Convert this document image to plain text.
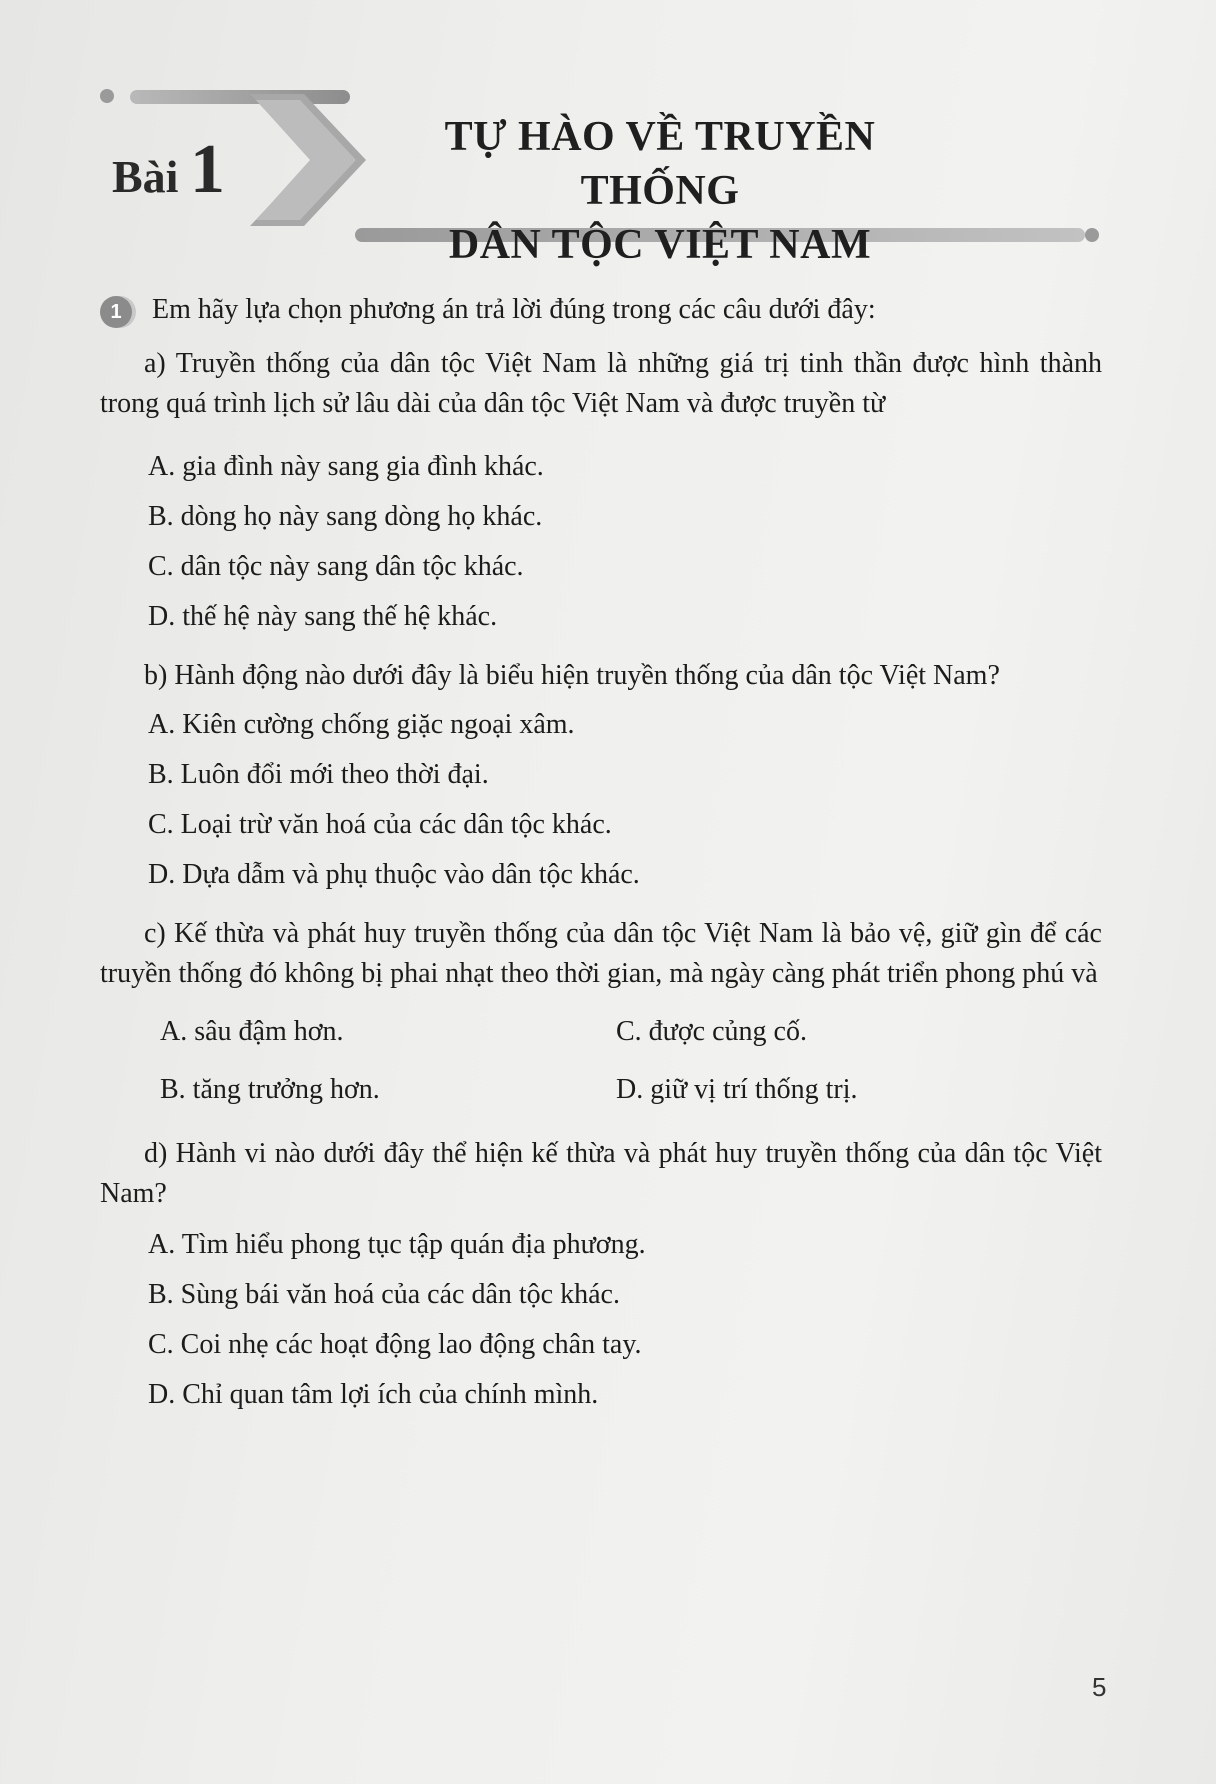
Bài 1	TỰ HÀO VỀ TRUYỀN THỐNG
DÂN TỘC VIỆT NAM
1	Em hãy lựa chọn phương án trả lời đúng trong các câu dưới đây:
a) Truyền thống của dân tộc Việt Nam là những giá trị tinh thần được hình thành trong quá trình lịch sử lâu dài của dân tộc Việt Nam và được truyền từ
A. gia đình này sang gia đình khác.
B. dòng họ này sang dòng họ khác.
C. dân tộc này sang dân tộc khác.
D. thế hệ này sang thế hệ khác.
b) Hành động nào dưới đây là biểu hiện truyền thống của dân tộc Việt Nam?
A. Kiên cường chống giặc ngoại xâm.
B. Luôn đổi mới theo thời đại.
C. Loại trừ văn hoá của các dân tộc khác.
D. Dựa dẫm và phụ thuộc vào dân tộc khác.
c) Kế thừa và phát huy truyền thống của dân tộc Việt Nam là bảo vệ, giữ gìn để các truyền thống đó không bị phai nhạt theo thời gian, mà ngày càng phát triển phong phú và
A. sâu đậm hơn.	C. được củng cố.
B. tăng trưởng hơn.	D. giữ vị trí thống trị.
d) Hành vi nào dưới đây thể hiện kế thừa và phát huy truyền thống của dân tộc Việt Nam?
A. Tìm hiểu phong tục tập quán địa phương.
B. Sùng bái văn hoá của các dân tộc khác.
C. Coi nhẹ các hoạt động lao động chân tay.
D. Chỉ quan tâm lợi ích của chính mình.
5
